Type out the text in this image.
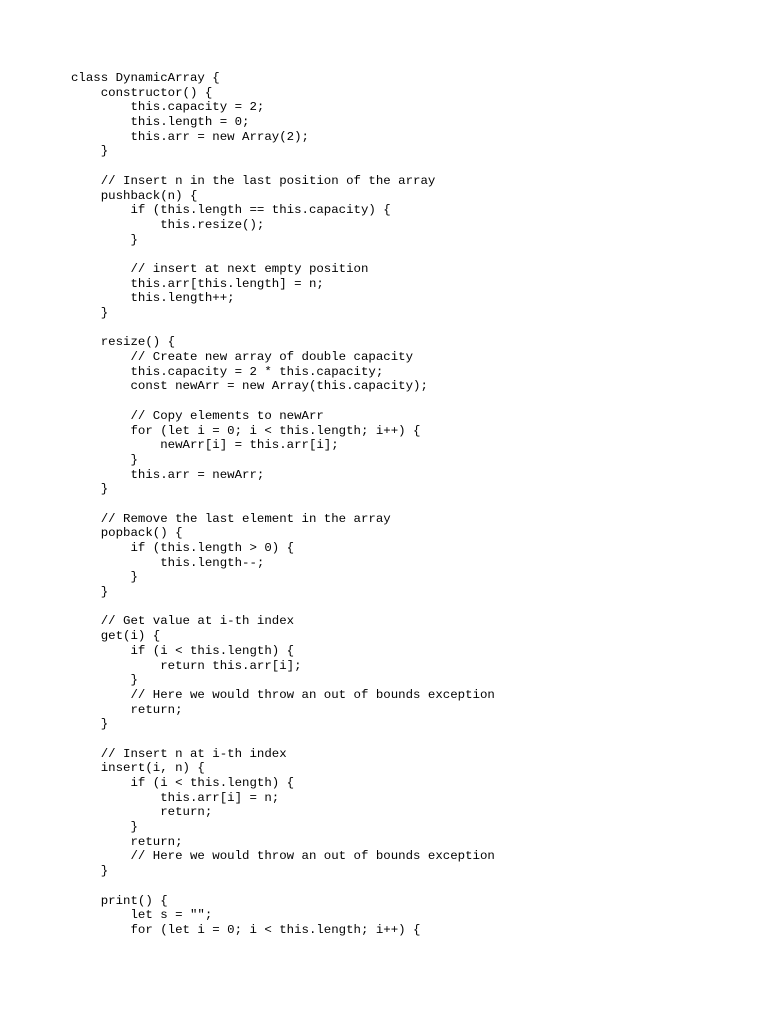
class DynamicArray {
constructor() {
this.capacity = 2;
this.length = 0;
this.arr = new Array(2);
}
// Insert n in the last position of the array
pushback(n) {
if (this.length == this.capacity) {
this.resize();
}
// insert at next empty position
this.arr[this.length] = n;
this.length++;
}
resize() {
// Create new array of double capacity
this.capacity = 2 * this.capacity;
const newArr = new Array(this.capacity);
// Copy elements to newArr
for (let i = 0; i < this.length; i++) {
newArr[i] = this.arr[i];
}
this.arr = newArr;
}
// Remove the last element in the array
popback() {
if (this.length > 0) {
this.length--;
}
}
// Get value at i-th index
get(i) {
if (i < this.length) {
return this.arr[i];
}
// Here we would throw an out of bounds exception
return;
}
// Insert n at i-th index
insert(i, n) {
if (i < this.length) {
this.arr[i] = n;
return;
}
return;
// Here we would throw an out of bounds exception
}
print() {
let s = "";
for (let i = 0; i < this.length; i++) {
